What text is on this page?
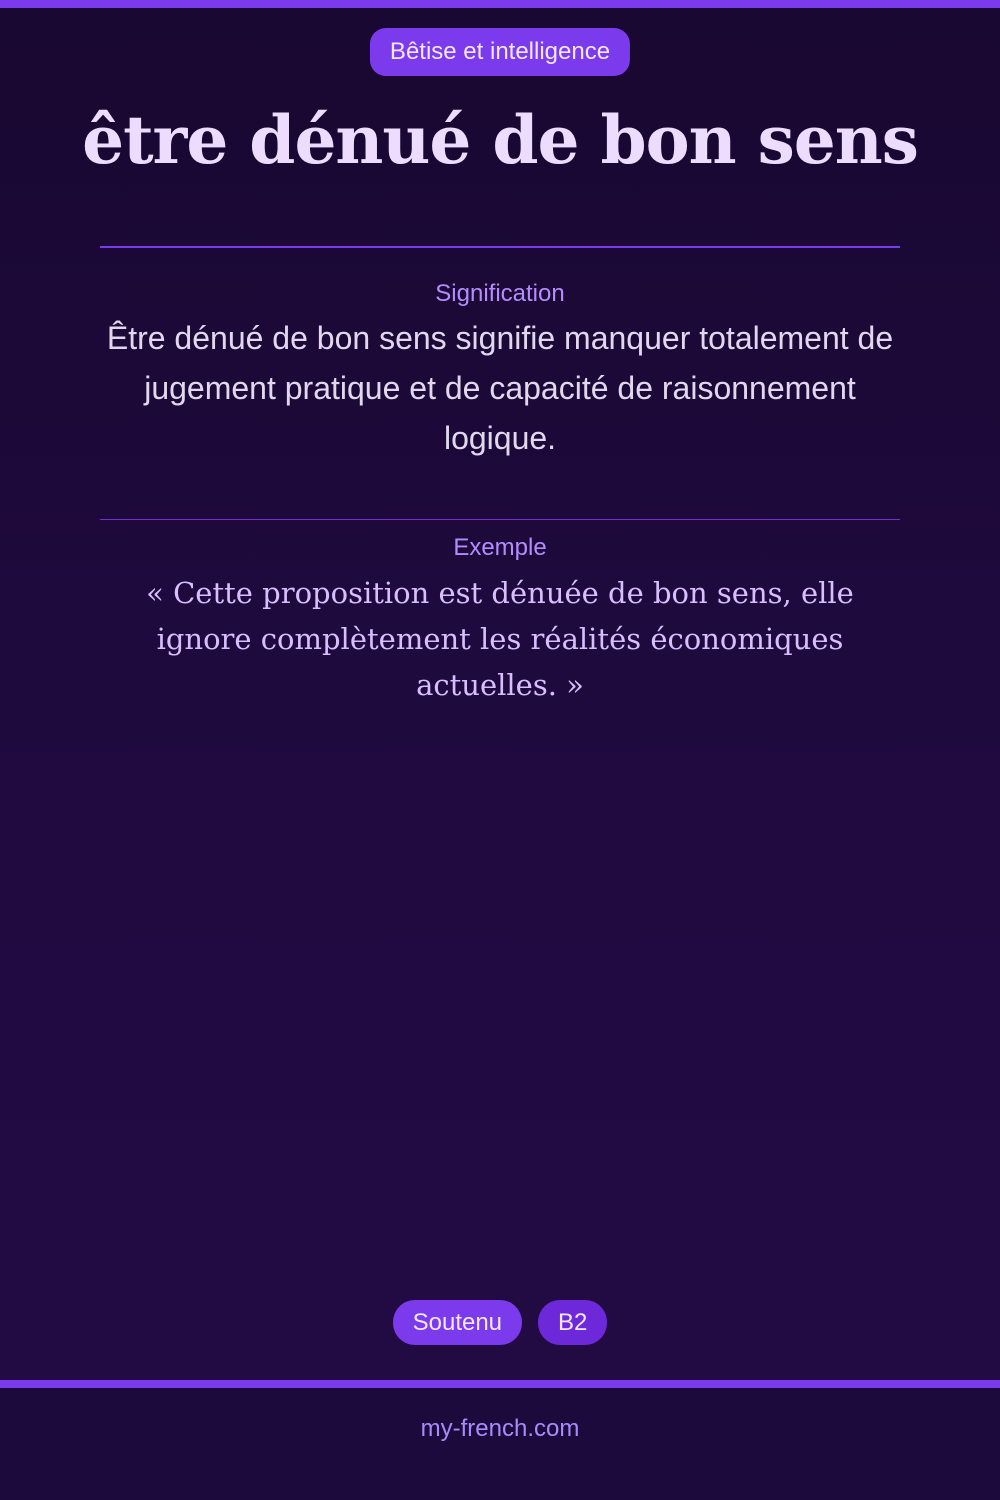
Bêtise et intelligence
être dénué de bon sens
Signification
Être dénué de bon sens signifie manquer totalement de jugement pratique et de capacité de raisonnement logique.
Exemple
« Cette proposition est dénuée de bon sens, elle ignore complètement les réalités économiques actuelles. »
Soutenu	B2
my-french.com
